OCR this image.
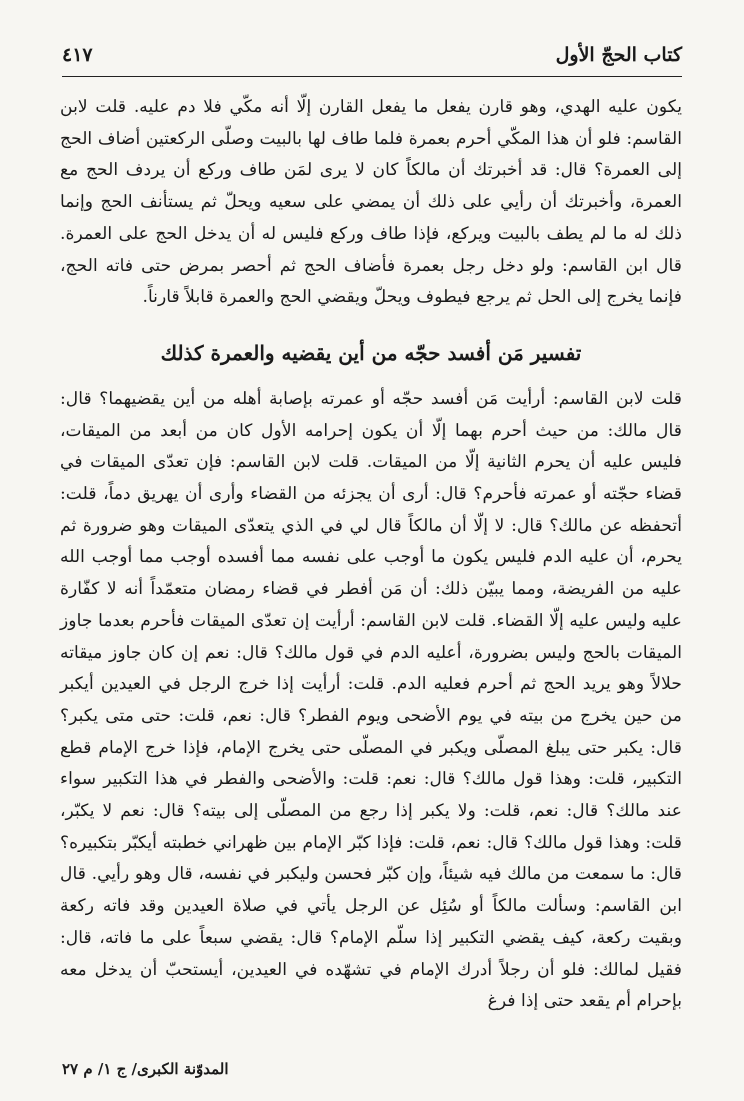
كتاب الحجّ الأول
٤١٧

يكون عليه الهدي، وهو قارن يفعل ما يفعل القارن إلّا أنه مكّي فلا دم عليه. قلت لابن القاسم: فلو أن هذا المكّي أحرم بعمرة فلما طاف لها بالبيت وصلّى الركعتين أضاف الحج إلى العمرة؟ قال: قد أخبرتك أن مالكاً كان لا يرى لمَن طاف وركع أن يردف الحج مع العمرة، وأخبرتك أن رأيي على ذلك أن يمضي على سعيه ويحلّ ثم يستأنف الحج وإنما ذلك له ما لم يطف بالبيت ويركع، فإذا طاف وركع فليس له أن يدخل الحج على العمرة. قال ابن القاسم: ولو دخل رجل بعمرة فأضاف الحج ثم أحصر بمرض حتى فاته الحج، فإنما يخرج إلى الحل ثم يرجع فيطوف ويحلّ ويقضي الحج والعمرة قابلاً قارناً.

تفسير مَن أفسد حجّه من أين يقضيه والعمرة كذلك

قلت لابن القاسم: أرأيت مَن أفسد حجّه أو عمرته بإصابة أهله من أين يقضيهما؟ قال: قال مالك: من حيث أحرم بهما إلّا أن يكون إحرامه الأول كان من أبعد من الميقات، فليس عليه أن يحرم الثانية إلّا من الميقات. قلت لابن القاسم: فإن تعدّى الميقات في قضاء حجّته أو عمرته فأحرم؟ قال: أرى أن يجزئه من القضاء وأرى أن يهريق دماً، قلت: أتحفظه عن مالك؟ قال: لا إلّا أن مالكاً قال لي في الذي يتعدّى الميقات وهو ضرورة ثم يحرم، أن عليه الدم فليس يكون ما أوجب على نفسه مما أفسده أوجب مما أوجب الله عليه من الفريضة، ومما يبيّن ذلك: أن مَن أفطر في قضاء رمضان متعمّداً أنه لا كفّارة عليه وليس عليه إلّا القضاء. قلت لابن القاسم: أرأيت إن تعدّى الميقات فأحرم بعدما جاوز الميقات بالحج وليس بضرورة، أعليه الدم في قول مالك؟ قال: نعم إن كان جاوز ميقاته حلالاً وهو يريد الحج ثم أحرم فعليه الدم. قلت: أرأيت إذا خرج الرجل في العيدين أيكبر من حين يخرج من بيته في يوم الأضحى ويوم الفطر؟ قال: نعم، قلت: حتى متى يكبر؟ قال: يكبر حتى يبلغ المصلّى ويكبر في المصلّى حتى يخرج الإمام، فإذا خرج الإمام قطع التكبير، قلت: وهذا قول مالك؟ قال: نعم: قلت: والأضحى والفطر في هذا التكبير سواء عند مالك؟ قال: نعم، قلت: ولا يكبر إذا رجع من المصلّى إلى بيته؟ قال: نعم لا يكبّر، قلت: وهذا قول مالك؟ قال: نعم، قلت: فإذا كبّر الإمام بين ظهراني خطبته أيكبّر بتكبيره؟ قال: ما سمعت من مالك فيه شيئاً، وإن كبّر فحسن وليكبر في نفسه، قال وهو رأيي. قال ابن القاسم: وسألت مالكاً أو سُئِل عن الرجل يأتي في صلاة العيدين وقد فاته ركعة وبقيت ركعة، كيف يقضي التكبير إذا سلّم الإمام؟ قال: يقضي سبعاً على ما فاته، قال: فقيل لمالك: فلو أن رجلاً أدرك الإمام في تشهّده في العيدين، أيستحبّ أن يدخل معه بإحرام أم يقعد حتى إذا فرغ

المدوّنة الكبرى/ ج ١/ م ٢٧
